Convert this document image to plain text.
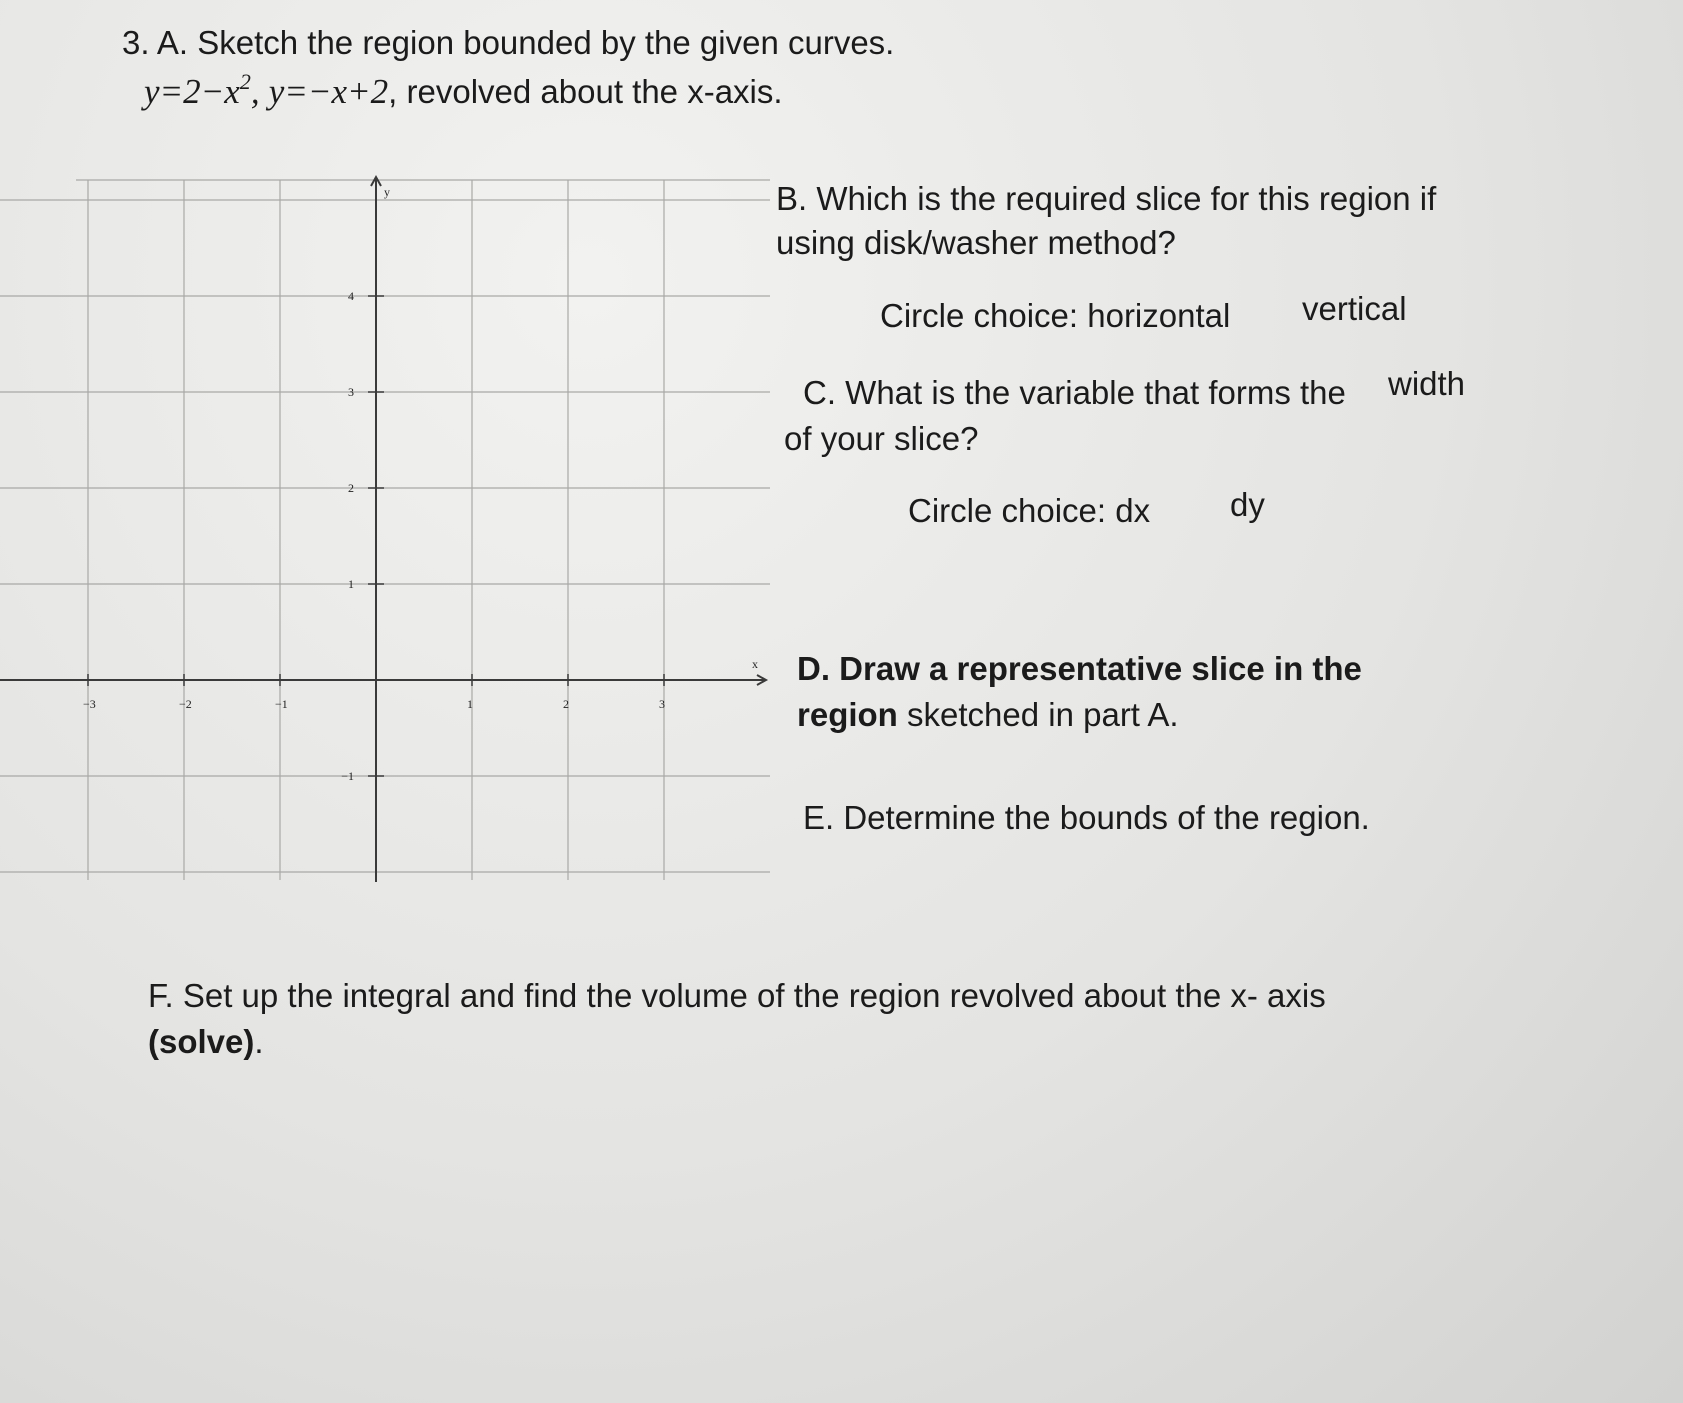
3. A. Sketch the region bounded by the given curves.
$y=2-x^2$, y=−x+2, revolved about the x-axis.
−3	−2	−1	1	2	3
4
3
2
1
−1
x
y	B. Which is the required slice for this region if
using disk/washer method?
Circle choice: horizontal vertical
C. What is the variable that forms the width
of your slice?
Circle choice: dx dy
D. Draw a representative slice in the
region sketched in part A.
E. Determine the bounds of the region.
F. Set up the integral and find the volume of the region revolved about the x- axis
(solve).
